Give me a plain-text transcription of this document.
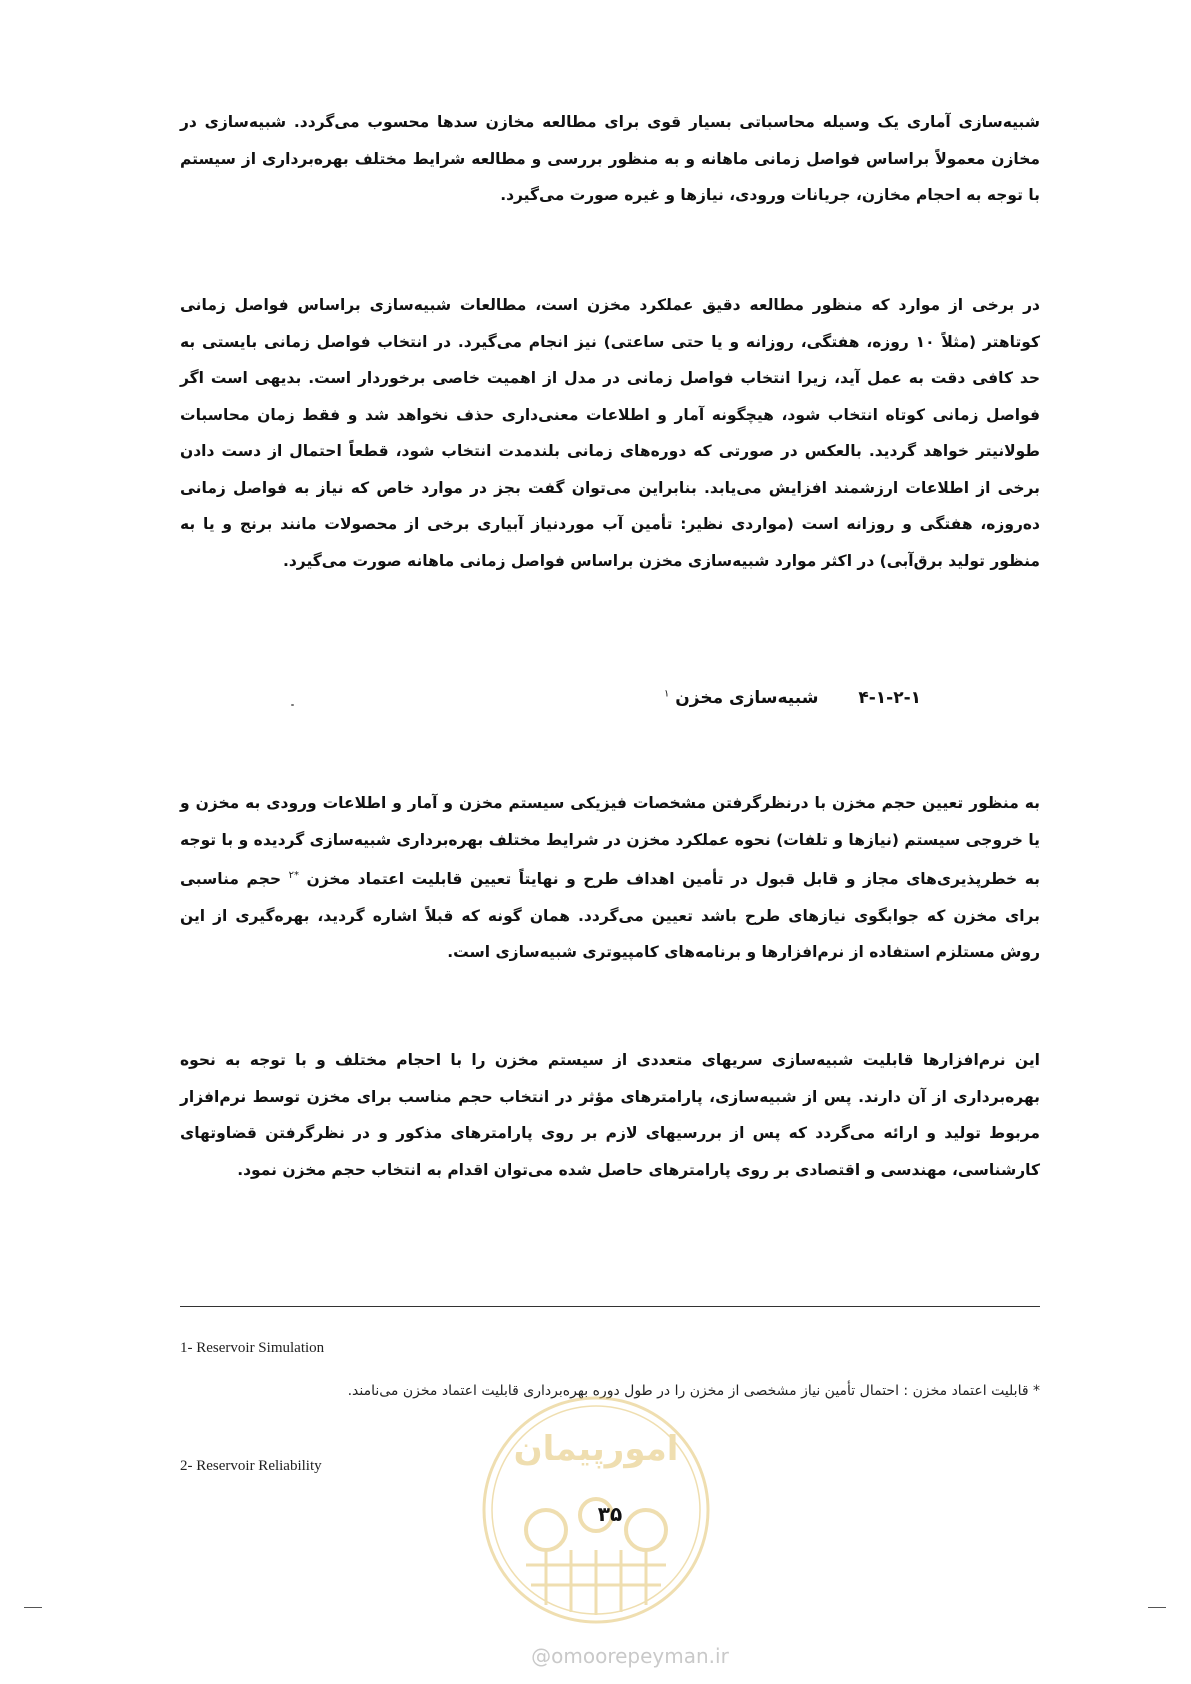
شبیه‌سازی آماری یک وسیله محاسباتی بسیار قوی برای مطالعه مخازن سدها محسوب می‌گردد. شبیه‌سازی در مخازن معمولاً براساس فواصل زمانی ماهانه و به منظور بررسی و مطالعه شرایط مختلف بهره‌برداری از سیستم با توجه به احجام مخازن، جریانات ورودی، نیازها و غیره صورت می‌گیرد.
در برخی از موارد که منظور مطالعه دقیق عملکرد مخزن است، مطالعات شبیه‌سازی براساس فواصل زمانی کوتاهتر (مثلاً ۱۰ روزه، هفتگی، روزانه و یا حتی ساعتی) نیز انجام می‌گیرد. در انتخاب فواصل زمانی بایستی به حد کافی دقت به عمل آید، زیرا انتخاب فواصل زمانی در مدل از اهمیت خاصی برخوردار است. بدیهی است اگر فواصل زمانی کوتاه انتخاب شود، هیچگونه آمار و اطلاعات معنی‌داری حذف نخواهد شد و فقط زمان محاسبات طولانیتر خواهد گردید. بالعکس در صورتی که دوره‌های زمانی بلندمدت انتخاب شود، قطعاً احتمال از دست دادن برخی از اطلاعات ارزشمند افزایش می‌یابد. بنابراین می‌توان گفت بجز در موارد خاص که نیاز به فواصل زمانی ده‌روزه، هفتگی و روزانه است (مواردی نظیر: تأمین آب موردنیاز آبیاری برخی از محصولات مانند برنج و یا به منظور تولید برق‌آبی) در اکثر موارد شبیه‌سازی مخزن براساس فواصل زمانی ماهانه صورت می‌گیرد.
۴-۱-۲-۱ شبیه‌سازی مخزن $^۱$
به منظور تعیین حجم مخزن با درنظرگرفتن مشخصات فیزیکی سیستم مخزن و آمار و اطلاعات ورودی به مخزن و یا خروجی سیستم (نیازها و تلفات) نحوه عملکرد مخزن در شرایط مختلف بهره‌برداری شبیه‌سازی گردیده و با توجه به خطرپذیری‌های مجاز و قابل قبول در تأمین اهداف طرح و نهایتاً تعیین قابلیت اعتماد مخزن $^{*۲}$ حجم مناسبی برای مخزن که جوابگوی نیازهای طرح باشد تعیین می‌گردد. همان گونه که قبلاً اشاره گردید، بهره‌گیری از این روش مستلزم استفاده از نرم‌افزارها و برنامه‌های کامپیوتری شبیه‌سازی است.
این نرم‌افزارها قابلیت شبیه‌سازی سریهای متعددی از سیستم مخزن را با احجام مختلف و با توجه به نحوه بهره‌برداری از آن دارند. پس از شبیه‌سازی، پارامترهای مؤثر در انتخاب حجم مناسب برای مخزن توسط نرم‌افزار مربوط تولید و ارائه می‌گردد که پس از بررسیهای لازم بر روی پارامترهای مذکور و در نظرگرفتن قضاوتهای کارشناسی، مهندسی و اقتصادی بر روی پارامترهای حاصل شده می‌توان اقدام به انتخاب حجم مخزن نمود.
1- Reservoir Simulation
* قابلیت اعتماد مخزن : احتمال تأمین نیاز مشخصی از مخزن را در طول دوره بهره‌برداری قابلیت اعتماد مخزن می‌نامند.
2- Reservoir Reliability	امورپیمان
۳۵
@omoorepeyman.ir
